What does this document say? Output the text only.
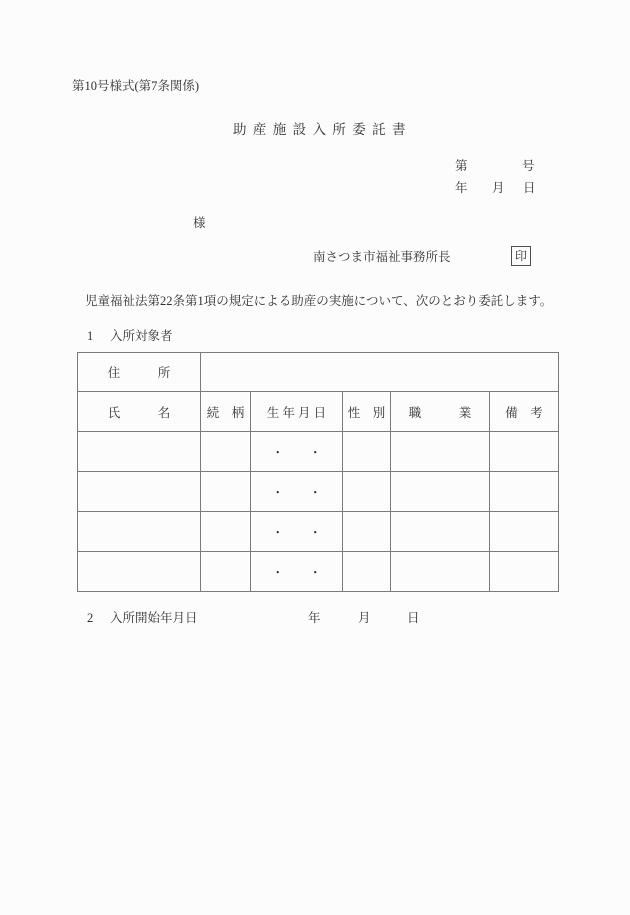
第10号様式(第7条関係)
助 産 施 設 入 所 委 託 書
第	号
年 月 日
様
南さつま市福祉事務所長	印
児童福祉法第22条第1項の規定による助産の実施について、次のとおり委託します。
1 入所対象者
住　　　所					
氏　　　名	続　柄	生 年 月 日	性　別	職　　　業	備　考
		・　　・			
		・　　・			
		・　　・			
		・　　・			
2 入所開始年月日	年	月	日
